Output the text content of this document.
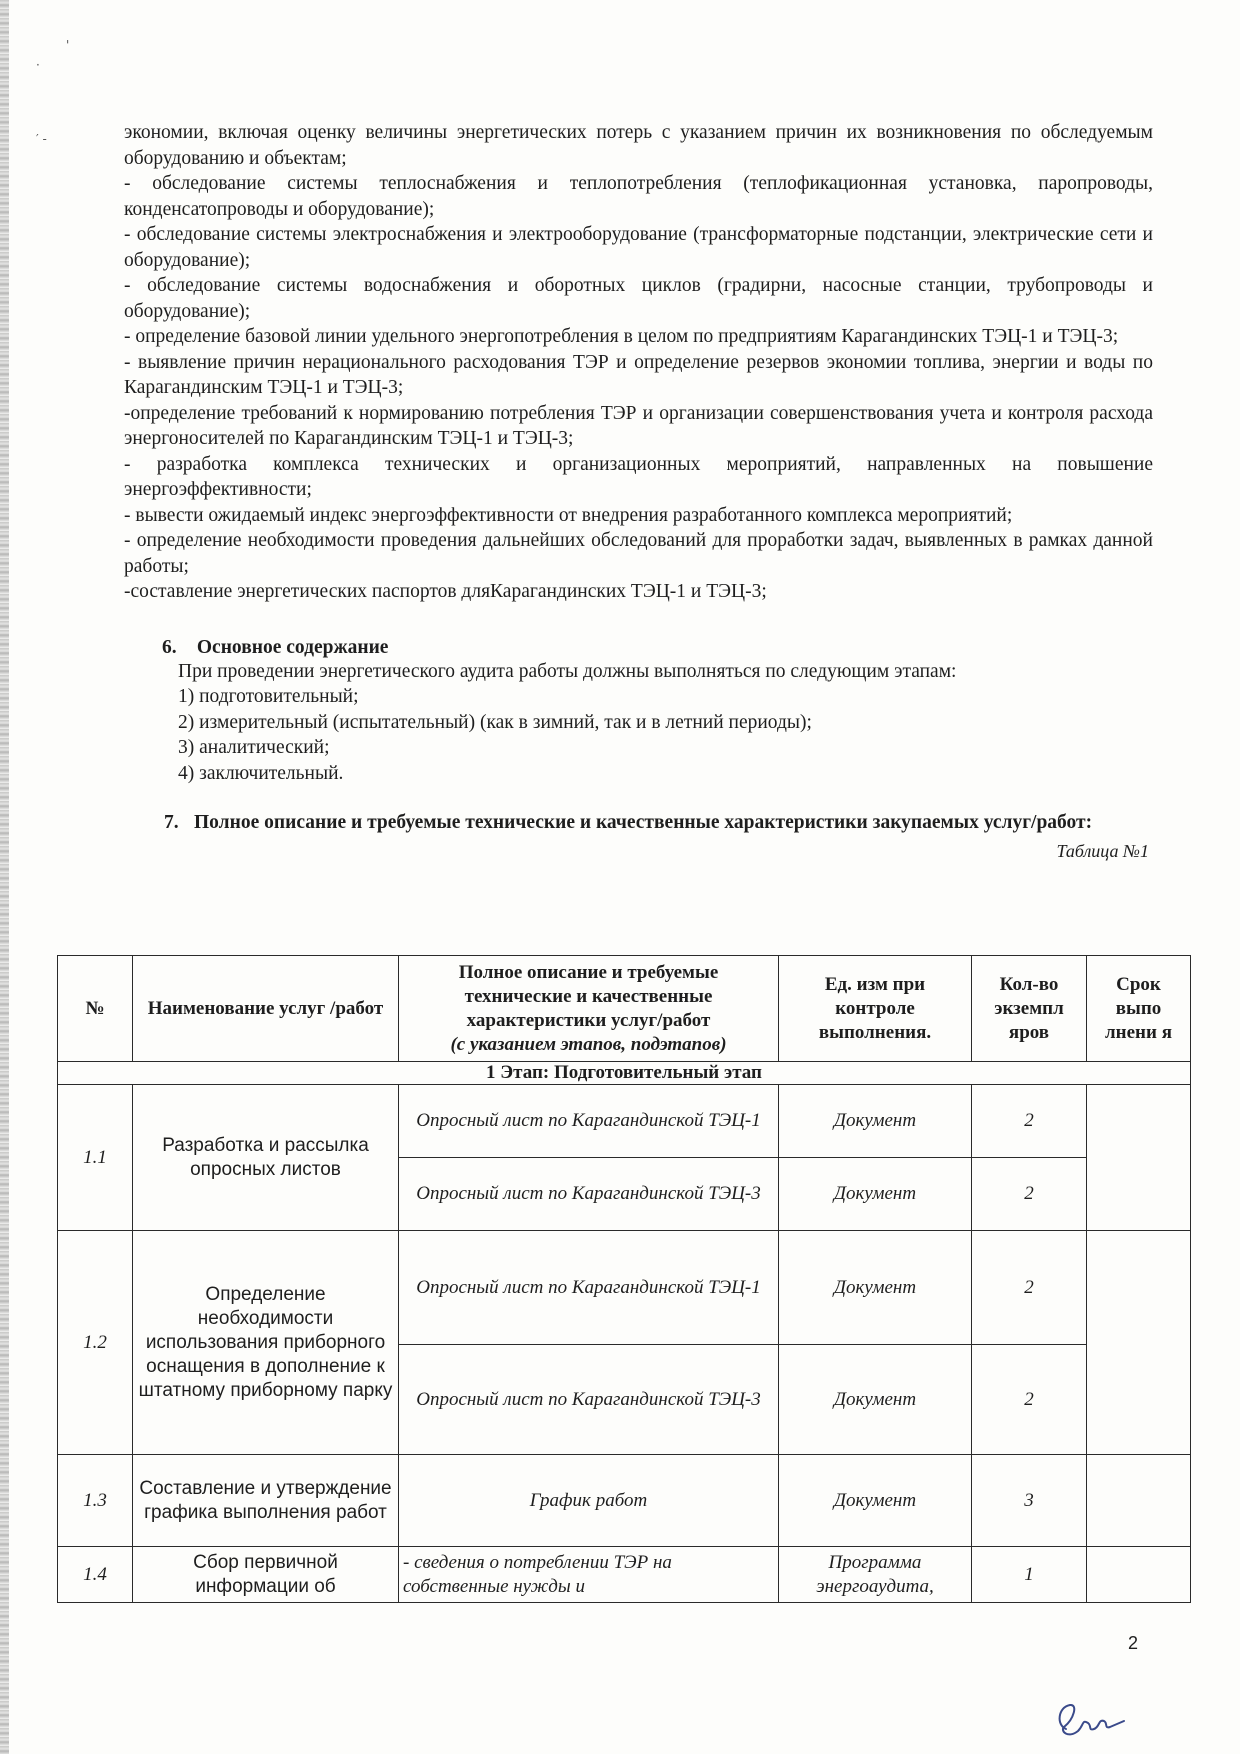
'
·
′ -	экономии, включая оценку величины энергетических потерь с указанием причин их возникновения по обследуемым оборудованию и объектам;

- обследование системы теплоснабжения и теплопотребления (теплофикационная установка, паропроводы, конденсатопроводы и оборудование);

- обследование системы электроснабжения и электрооборудование (трансформаторные подстанции, электрические сети и оборудование);

- обследование системы водоснабжения и оборотных циклов (градирни, насосные станции, трубопроводы и оборудование);

- определение базовой линии удельного энергопотребления в целом по предприятиям Карагандинских ТЭЦ-1 и ТЭЦ-3;

- выявление причин нерационального расходования ТЭР и определение резервов экономии топлива, энергии и воды по Карагандинским ТЭЦ-1 и ТЭЦ-3;

-определение требований к нормированию потребления ТЭР и организации совершенствования учета и контроля расхода энергоносителей по Карагандинским ТЭЦ-1 и ТЭЦ-3;

- разработка комплекса технических и организационных мероприятий, направленных на повышение энергоэффективности;

- вывести ожидаемый индекс энергоэффективности от внедрения разработанного комплекса мероприятий;

- определение необходимости проведения дальнейших обследований для проработки задач, выявленных в рамках данной работы;

-составление энергетических паспортов дляКарагандинских ТЭЦ-1 и ТЭЦ-3;

6. Основное содержание

При проведении энергетического аудита работы должны выполняться по следующим этапам:

1) подготовительный;

2) измерительный (испытательный) (как в зимний, так и в летний периоды);

3) аналитический;

4) заключительный.

7. Полное описание и требуемые технические и качественные характеристики закупаемых услуг/работ:

Таблица №1

№	Наименование услуг /работ	Полное описание и требуемые технические и качественные характеристики услуг/работ
(с указанием этапов, подэтапов)	Ед. изм при контроле выполнения.	Кол-во экземпл яров	Срок выпо лнени я
1 Этап: Подготовительный этап					
1.1	Разработка и рассылка опросных листов	Опросный лист по Карагандинской ТЭЦ-1	Документ	2	
		Опросный лист по Карагандинской ТЭЦ-3	Документ	2	
1.2	Определение необходимости использования приборного оснащения в дополнение к штатному приборному парку	Опросный лист по Карагандинской ТЭЦ-1	Документ	2	
		Опросный лист по Карагандинской ТЭЦ-3	Документ	2	
1.3	Составление и утверждение графика выполнения работ	График работ	Документ	3	
1.4	Сбор первичной информации об	- сведения о потреблении ТЭР на собственные нужды и	Программа энергоаудита,	1	
2
